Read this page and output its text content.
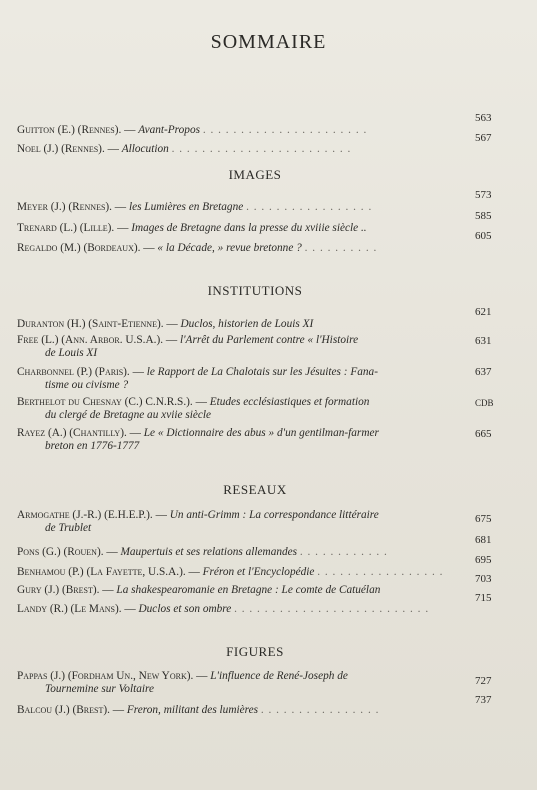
SOMMAIRE
Guitton (E.) (Rennes). — Avant-Propos . . . . . . . . . . . . . . . . . . . . . .
563
Noel (J.) (Rennes). — Allocution . . . . . . . . . . . . . . . . . . . . . . . .
567
IMAGES
Meyer (J.) (Rennes). — les Lumières en Bretagne . . . . . . . . . . . . . . . . .
573
Trenard (L.) (Lille). — Images de Bretagne dans la presse du xviiie siècle ..
585
Regaldo (M.) (Bordeaux). — « la Décade, » revue bretonne ? . . . . . . . . . .
605
INSTITUTIONS
Duranton (H.) (Saint-Etienne). — Duclos, historien de Louis XI
621
Free (L.) (Ann. Arbor. U.S.A.). — l'Arrêt du Parlement contre « l'Histoire
de Louis XI
631
Charbonnel (P.) (Paris). — le Rapport de La Chalotais sur les Jésuites : Fana-
tisme ou civisme ?
637
Berthelot du Chesnay (C.) C.N.R.S.). — Etudes ecclésiastiques et formation
du clergé de Bretagne au xviie siècle
CDB
Rayez (A.) (Chantilly). — Le « Dictionnaire des abus » d'un gentilman-farmer
breton en 1776-1777
665
RESEAUX
Armogathe (J.-R.) (E.H.E.P.). — Un anti-Grimm : La correspondance littéraire
de Trublet
675
Pons (G.) (Rouen). — Maupertuis et ses relations allemandes . . . . . . . . . . . .
681
Benhamou (P.) (La Fayette, U.S.A.). — Fréron et l'Encyclopédie . . . . . . . . . . . . . . . . .
695
Gury (J.) (Brest). — La shakespearomanie en Bretagne : Le comte de Catuélan
703
Landy (R.) (Le Mans). — Duclos et son ombre . . . . . . . . . . . . . . . . . . . . . . . . . .
715
FIGURES
Pappas (J.) (Fordham Un., New York). — L'influence de René-Joseph de
Tournemine sur Voltaire
727
Balcou (J.) (Brest). — Freron, militant des lumières . . . . . . . . . . . . . . . .
737
